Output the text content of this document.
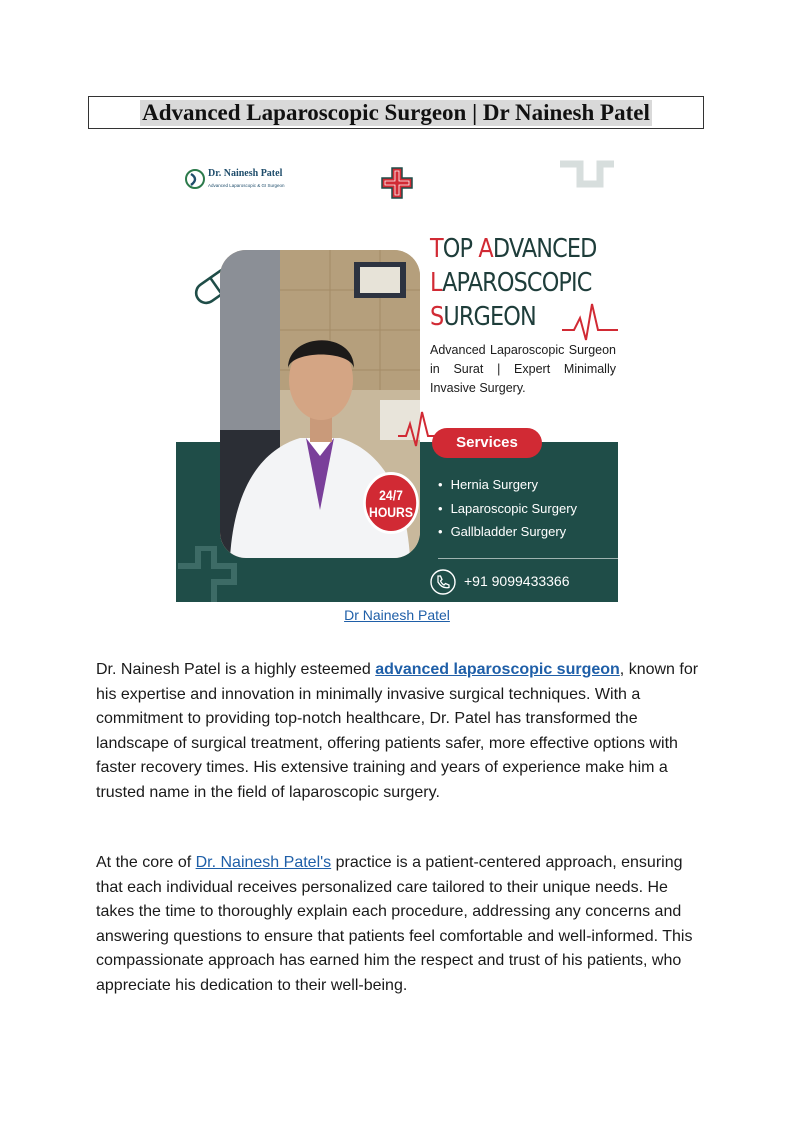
Advanced Laparoscopic Surgeon | Dr Nainesh Patel
Dr. Nainesh Patel
Advanced Laparoscopic & GI Surgeon
TOP ADVANCED
LAPAROSCOPIC
SURGEON
Advanced Laparoscopic Surgeon in Surat | Expert Minimally Invasive Surgery.
Services
• Hernia Surgery
• Laparoscopic Surgery
• Gallbladder Surgery
24/7
HOURS
+91 9099433366
Dr Nainesh Patel

Dr. Nainesh Patel is a highly esteemed advanced laparoscopic surgeon, known for his expertise and innovation in minimally invasive surgical techniques. With a commitment to providing top-notch healthcare, Dr. Patel has transformed the landscape of surgical treatment, offering patients safer, more effective options with faster recovery times. His extensive training and years of experience make him a trusted name in the field of laparoscopic surgery.

At the core of Dr. Nainesh Patel's practice is a patient-centered approach, ensuring that each individual receives personalized care tailored to their unique needs. He takes the time to thoroughly explain each procedure, addressing any concerns and answering questions to ensure that patients feel comfortable and well-informed. This compassionate approach has earned him the respect and trust of his patients, who appreciate his dedication to their well-being.
